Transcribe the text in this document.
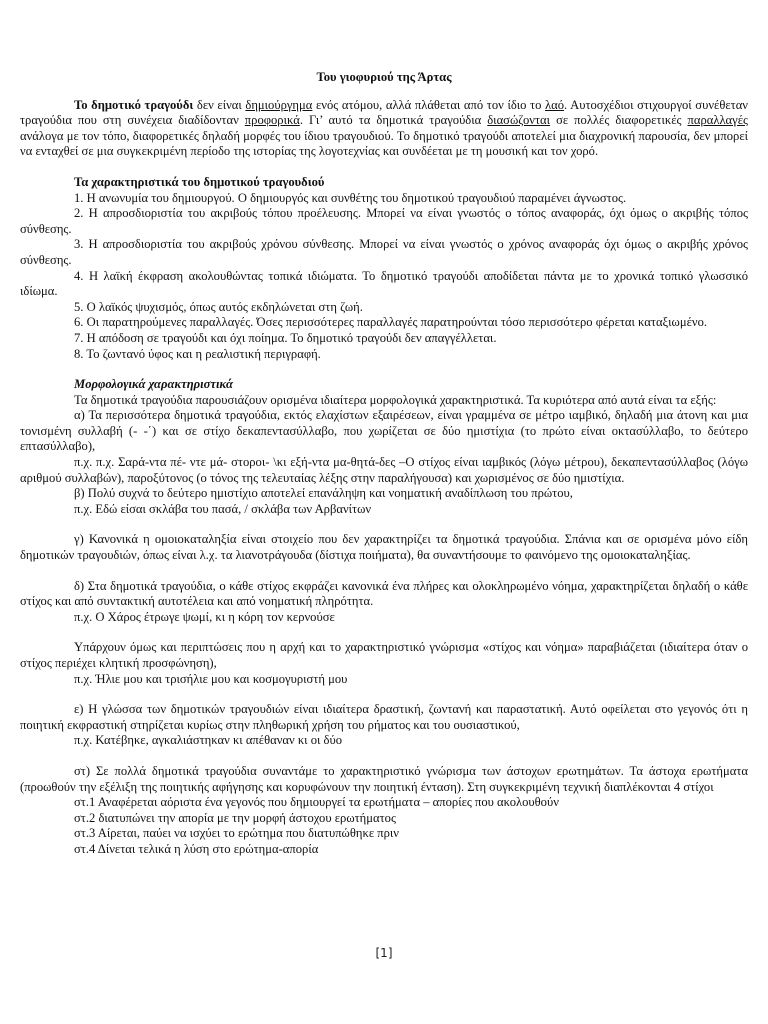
Του γιοφυριού της Άρτας

Το δημοτικό τραγούδι δεν είναι δημιούργημα ενός ατόμου, αλλά πλάθεται από τον ίδιο το λαό. Αυτοσχέδιοι στιχουργοί συνέθεταν τραγούδια που στη συνέχεια διαδίδονταν προφορικά. Γι’ αυτό τα δημοτικά τραγούδια διασώζονται σε πολλές διαφορετικές παραλλαγές ανάλογα με τον τόπο, διαφορετικές δηλαδή μορφές του ίδιου τραγουδιού. Το δημοτικό τραγούδι αποτελεί μια διαχρονική παρουσία, δεν μπορεί να ενταχθεί σε μια συγκεκριμένη περίοδο της ιστορίας της λογοτεχνίας και συνδέεται με τη μουσική και τον χορό.

Τα χαρακτηριστικά του δημοτικού τραγουδιού

1. Η ανωνυμία του δημιουργού. Ο δημιουργός και συνθέτης του δημοτικού τραγουδιού παραμένει άγνωστος.

2. Η απροσδιοριστία του ακριβούς τόπου προέλευσης. Μπορεί να είναι γνωστός ο τόπος αναφοράς, όχι όμως ο ακριβής τόπος σύνθεσης.

3. Η απροσδιοριστία του ακριβούς χρόνου σύνθεσης. Μπορεί να είναι γνωστός ο χρόνος αναφοράς όχι όμως ο ακριβής χρόνος σύνθεσης.

4. Η λαϊκή έκφραση ακολουθώντας τοπικά ιδιώματα. Το δημοτικό τραγούδι αποδίδεται πάντα με το χρονικά τοπικό γλωσσικό ιδίωμα.

5. Ο λαϊκός ψυχισμός, όπως αυτός εκδηλώνεται στη ζωή.

6. Οι παρατηρούμενες παραλλαγές. Όσες περισσότερες παραλλαγές παρατηρούνται τόσο περισσότερο φέρεται καταξιωμένο.

7. Η απόδοση σε τραγούδι και όχι ποίημα. Το δημοτικό τραγούδι δεν απαγγέλλεται.

8. Το ζωντανό ύφος και η ρεαλιστική περιγραφή.

Μορφολογικά χαρακτηριστικά

Τα δημοτικά τραγούδια παρουσιάζουν ορισμένα ιδιαίτερα μορφολογικά χαρακτηριστικά. Τα κυριότερα από αυτά είναι τα εξής:

α) Τα περισσότερα δημοτικά τραγούδια, εκτός ελαχίστων εξαιρέσεων, είναι γραμμένα σε μέτρο ιαμβικό, δηλαδή μια άτονη και μια τονισμένη συλλαβή (- -΄) και σε στίχο δεκαπεντασύλλαβο, που χωρίζεται σε δύο ημιστίχια (το πρώτο είναι οκτασύλλαβο, το δεύτερο επτασύλλαβο),

π.χ. π.χ. Σαρά-ντα πέ- ντε μά- στοροι- \κι εξή-ντα μα-θητά-δες –Ο στίχος είναι ιαμβικός (λόγω μέτρου), δεκαπεντασύλλαβος (λόγω αριθμού συλλαβών), παροξύτονος (ο τόνος της τελευταίας λέξης στην παραλήγουσα) και χωρισμένος σε δύο ημιστίχια.

β) Πολύ συχνά το δεύτερο ημιστίχιο αποτελεί επανάληψη και νοηματική αναδίπλωση του πρώτου,

π.χ. Εδώ είσαι σκλάβα του πασά, / σκλάβα των Αρβανίτων

γ) Κανονικά η ομοιοκαταληξία είναι στοιχείο που δεν χαρακτηρίζει τα δημοτικά τραγούδια. Σπάνια και σε ορισμένα μόνο είδη δημοτικών τραγουδιών, όπως είναι λ.χ. τα λιανοτράγουδα (δίστιχα ποιήματα), θα συναντήσουμε το φαινόμενο της ομοιοκαταληξίας.

δ) Στα δημοτικά τραγούδια, ο κάθε στίχος εκφράζει κανονικά ένα πλήρες και ολοκληρωμένο νόημα, χαρακτηρίζεται δηλαδή ο κάθε στίχος και από συντακτική αυτοτέλεια και από νοηματική πληρότητα.

π.χ. Ο Χάρος έτρωγε ψωμί, κι η κόρη τον κερνούσε

Υπάρχουν όμως και περιπτώσεις που η αρχή και το χαρακτηριστικό γνώρισμα «στίχος και νόημα» παραβιάζεται (ιδιαίτερα όταν ο στίχος περιέχει κλητική προσφώνηση),

π.χ. Ήλιε μου και τρισήλιε μου και κοσμογυριστή μου

ε) Η γλώσσα των δημοτικών τραγουδιών είναι ιδιαίτερα δραστική, ζωντανή και παραστατική. Αυτό οφείλεται στο γεγονός ότι η ποιητική εκφραστική στηρίζεται κυρίως στην πληθωρική χρήση του ρήματος και του ουσιαστικού,

π.χ. Κατέβηκε, αγκαλιάστηκαν κι απέθαναν κι οι δύο

στ) Σε πολλά δημοτικά τραγούδια συναντάμε το χαρακτηριστικό γνώρισμα των άστοχων ερωτημάτων. Τα άστοχα ερωτήματα (προωθούν την εξέλιξη της ποιητικής αφήγησης και κορυφώνουν την ποιητική ένταση). Στη συγκεκριμένη τεχνική διαπλέκονται 4 στίχοι

στ.1 Αναφέρεται αόριστα ένα γεγονός που δημιουργεί τα ερωτήματα – απορίες που ακολουθούν

στ.2 διατυπώνει την απορία με την μορφή άστοχου ερωτήματος

στ.3 Αίρεται, παύει να ισχύει το ερώτημα που διατυπώθηκε πριν

στ.4 Δίνεται τελικά η λύση στο ερώτημα-απορία

[1]
